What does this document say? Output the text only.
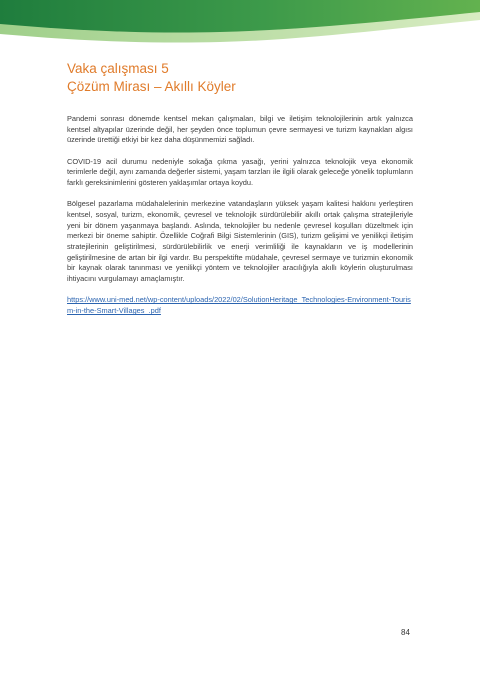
Vaka çalışması 5
Çözüm Mirası – Akıllı Köyler

Pandemi sonrası dönemde kentsel mekan çalışmaları, bilgi ve iletişim teknolojilerinin artık yalnızca kentsel altyapılar üzerinde değil, her şeyden önce toplumun çevre sermayesi ve turizm kaynakları algısı üzerinde ürettiği etkiyi bir kez daha düşünmemizi sağladı.

COVID-19 acil durumu nedeniyle sokağa çıkma yasağı, yerini yalnızca teknolojik veya ekonomik terimlerle değil, aynı zamanda değerler sistemi, yaşam tarzları ile ilgili olarak geleceğe yönelik toplumların farklı gereksinimlerini gösteren yaklaşımlar ortaya koydu.

Bölgesel pazarlama müdahalelerinin merkezine vatandaşların yüksek yaşam kalitesi hakkını yerleştiren kentsel, sosyal, turizm, ekonomik, çevresel ve teknolojik sürdürülebilir akıllı ortak çalışma stratejileriyle yeni bir dönem yaşanmaya başlandı. Aslında, teknolojiler bu nedenle çevresel koşulları düzeltmek için merkezi bir öneme sahiptir. Özellikle Coğrafi Bilgi Sistemlerinin (GIS), turizm gelişimi ve yenilikçi iletişim stratejilerinin geliştirilmesi, sürdürülebilirlik ve enerji verimliliği ile kaynakların ve iş modellerinin geliştirilmesine de artan bir ilgi vardır. Bu perspektifte müdahale, çevresel sermaye ve turizmin ekonomik bir kaynak olarak tanınması ve yenilikçi yöntem ve teknolojiler aracılığıyla akıllı köylerin oluşturulması ihtiyacını vurgulamayı amaçlamıştır.

https://www.uni-med.net/wp-content/uploads/2022/02/SolutionHeritage_Technologies-Environment-Tourism-in-the-Smart-Villages_.pdf

84
